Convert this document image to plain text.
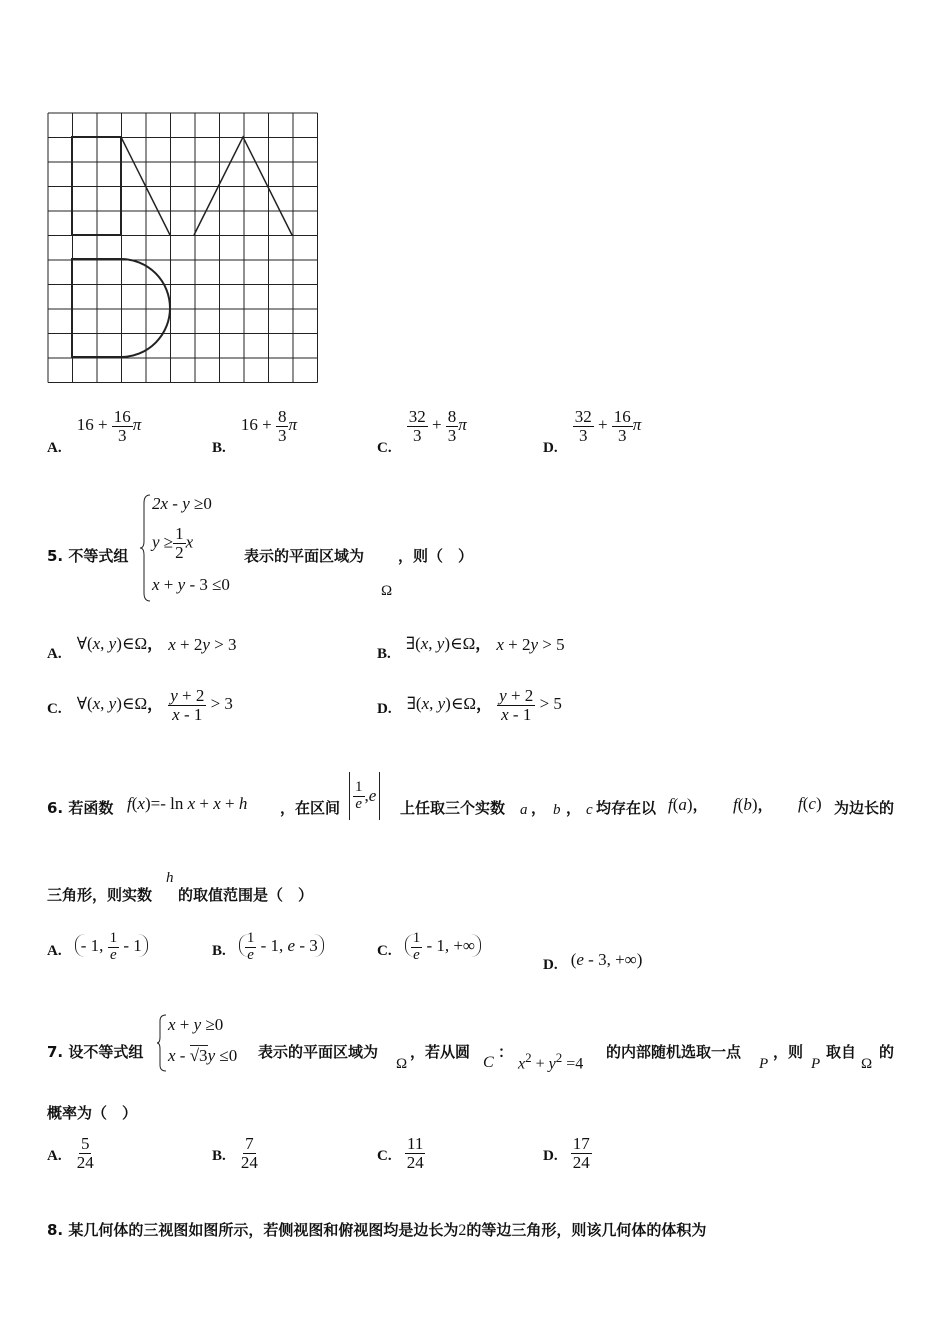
A. $16 + \frac{16}{3}$ π
B. $16 + \frac{8}{3}$ π
C.
$\frac{32}{3} + \frac{8}{3}$ π
D.
$\frac{32}{3} + \frac{16}{3}$ π
5. 不等式组
2x - y ≥0
$y \ge \frac{1}{2}$ x
x + y - 3 ≤0
表示的平面区域为
Ω
，则（　）
A. ∀(x, y)∈Ω， x + 2y > 3	B. ∃(x, y)∈Ω， x + 2y > 5
C. ∀(x, y)∈Ω， $\frac{y + 2}{x - 1} > 3$	D. ∃(x, y)∈Ω， $\frac{y + 2}{x - 1} > 5$
6. 若函数 f(x)=- ln x + x + h ，在区间 $\frac{1}{e}$ , e
上任取三个实数 a ， b ， c 均存在以 f(a)， f(b)， f(c) 为边长的
三角形，则实数
h
的取值范围是（　）
A. - 1, $\frac{1}{e} - 1$	B. $\frac{1}{e} - 1$, e - 3	C. $\frac{1}{e} - 1$, +∞
D. (e - 3, +∞)
7. 设不等式组
x + y ≥0
x - √3y ≤0 表示的平面区域为
Ω
，若从圆
C
：
$x^2 + y^2 =4$
的内部随机选取一点
P
，则
P
取自
Ω
的
概率为（　）
A. $\frac{5}{24}$	B. $\frac{7}{24}$	C. $\frac{11}{24}$	D. $\frac{17}{24}$
8. 某几何体的三视图如图所示，若侧视图和俯视图均是边长为2的等边三角形，则该几何体的体积为
